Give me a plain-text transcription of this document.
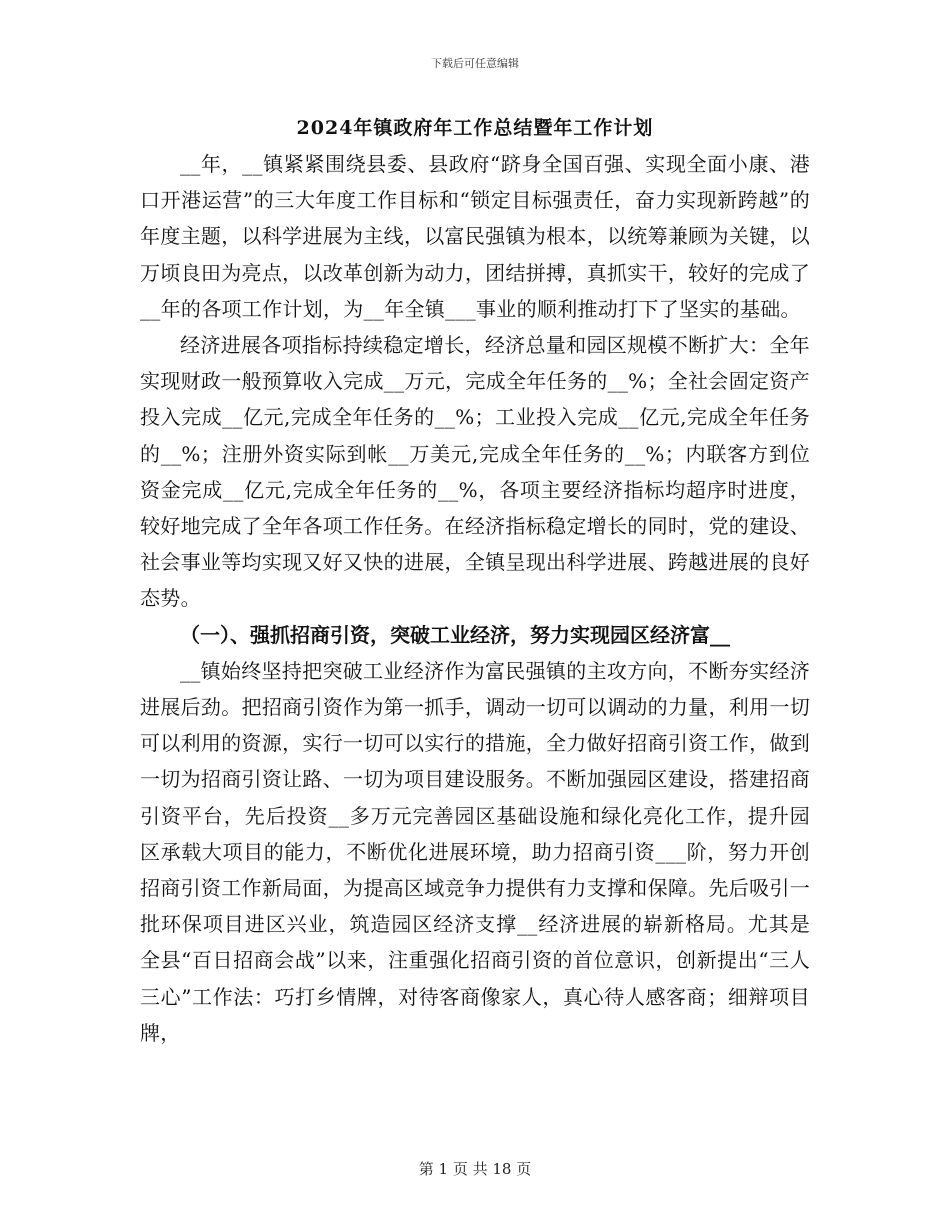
下载后可任意编辑

2024年镇政府年工作总结暨年工作计划

__年，__镇紧紧围绕县委、县政府“跻身全国百强、实现全面小康、港口开港运营”的三大年度工作目标和“锁定目标强责任，奋力实现新跨越”的年度主题，以科学进展为主线，以富民强镇为根本，以统筹兼顾为关键，以万顷良田为亮点，以改革创新为动力，团结拼搏，真抓实干，较好的完成了__年的各项工作计划，为__年全镇___事业的顺利推动打下了坚实的基础。

经济进展各项指标持续稳定增长，经济总量和园区规模不断扩大：全年实现财政一般预算收入完成__万元，完成全年任务的__%；全社会固定资产投入完成__亿元,完成全年任务的__%；工业投入完成__亿元,完成全年任务的__%；注册外资实际到帐__万美元,完成全年任务的__%；内联客方到位资金完成__亿元,完成全年任务的__%，各项主要经济指标均超序时进度，较好地完成了全年各项工作任务。在经济指标稳定增长的同时，党的建设、社会事业等均实现又好又快的进展，全镇呈现出科学进展、跨越进展的良好态势。

（一）、强抓招商引资，突破工业经济，努力实现园区经济富__

__镇始终坚持把突破工业经济作为富民强镇的主攻方向，不断夯实经济进展后劲。把招商引资作为第一抓手，调动一切可以调动的力量，利用一切可以利用的资源，实行一切可以实行的措施，全力做好招商引资工作，做到一切为招商引资让路、一切为项目建设服务。不断加强园区建设，搭建招商引资平台，先后投资__多万元完善园区基础设施和绿化亮化工作，提升园区承载大项目的能力，不断优化进展环境，助力招商引资___阶，努力开创招商引资工作新局面，为提高区域竞争力提供有力支撑和保障。先后吸引一批环保项目进区兴业，筑造园区经济支撑__经济进展的崭新格局。尤其是全县“百日招商会战”以来，注重强化招商引资的首位意识，创新提出“三人三心”工作法：巧打乡情牌，对待客商像家人，真心待人感客商；细辩项目牌，

第 1 页 共 18 页
